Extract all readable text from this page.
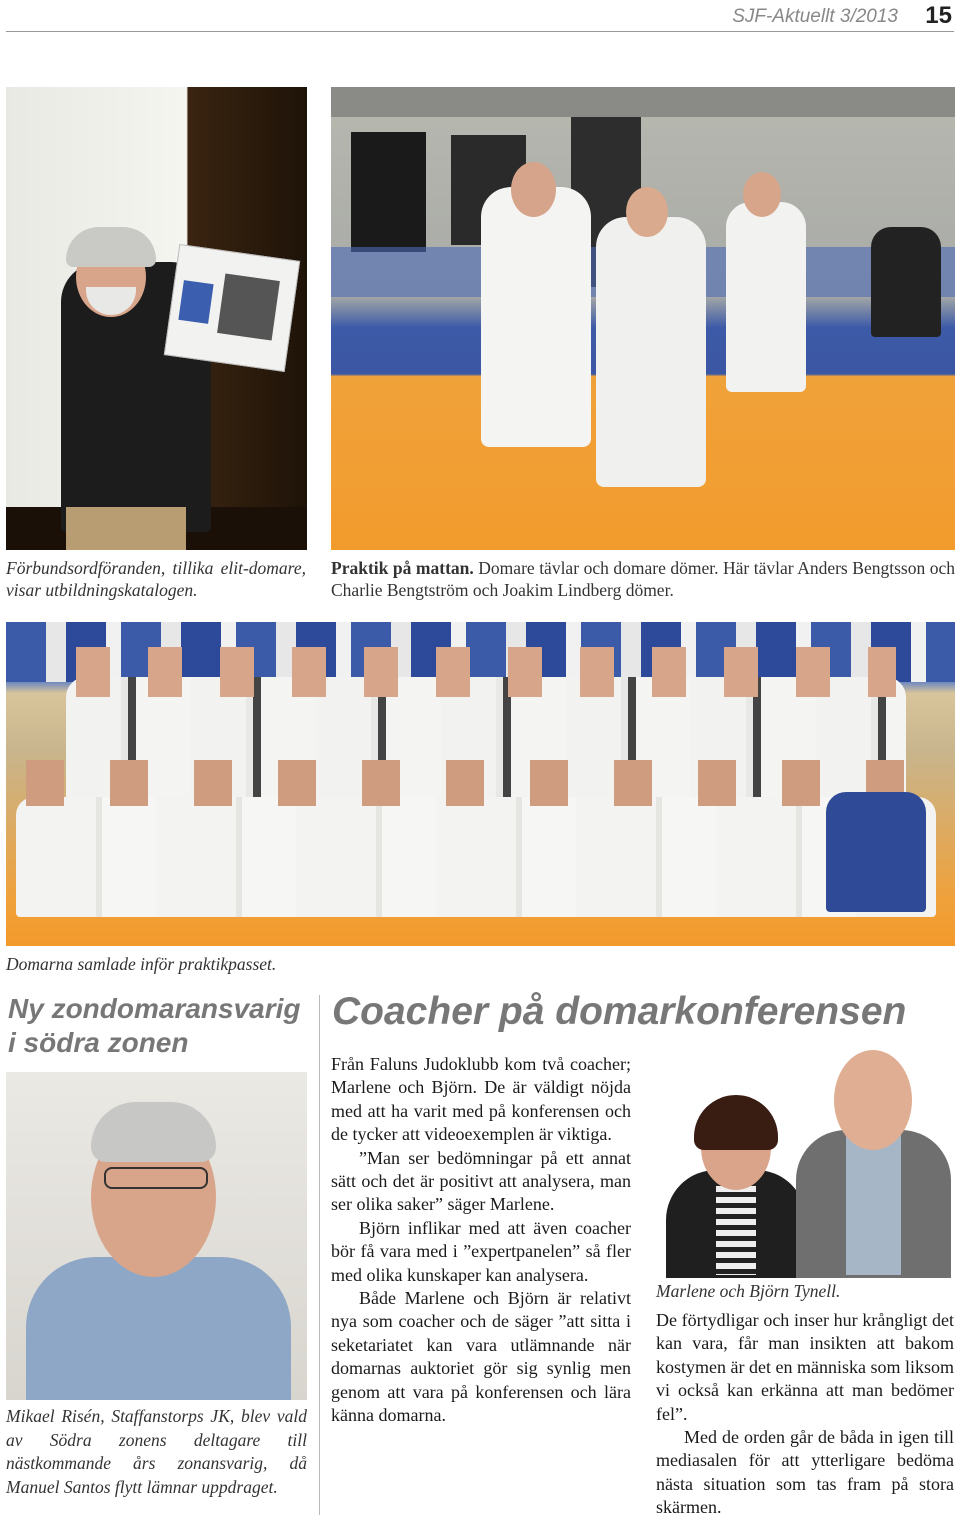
SJF-Aktuellt 3/2013 15
Förbundsordföranden, tillika elit-domare, visar utbildningskatalogen.
Praktik på mattan. Domare tävlar och domare dömer. Här tävlar Anders Bengtsson och Charlie Bengtström och Joakim Lindberg dömer.
Domarna samlade inför praktikpasset.
Ny zondomaransvarig i södra zonen
Mikael Risén, Staffanstorps JK, blev vald av Södra zonens deltagare till nästkommande års zonansvarig, då Manuel Santos flytt lämnar uppdraget.
Coacher på domarkonferensen

Från Faluns Judoklubb kom två coacher; Marlene och Björn. De är väldigt nöjda med att ha varit med på konferensen och de tycker att videoexemplen är viktiga.

”Man ser bedömningar på ett annat sätt och det är positivt att analysera, man ser olika saker” säger Marlene.

Björn inflikar med att även coacher bör få vara med i ”expertpanelen” så fler med olika kunskaper kan analysera.

Både Marlene och Björn är relativt nya som coacher och de säger ”att sitta i seketariatet kan vara utlämnande när domarnas auktoriet gör sig synlig men genom att vara på konferensen och lära känna domarna.

Marlene och Björn Tynell.

De förtydligar och inser hur krångligt det kan vara, får man insikten att bakom kostymen är det en människa som liksom vi också kan erkänna att man bedömer fel”.

Med de orden går de båda in igen till mediasalen för att ytterligare bedöma nästa situation som tas fram på stora skärmen.
